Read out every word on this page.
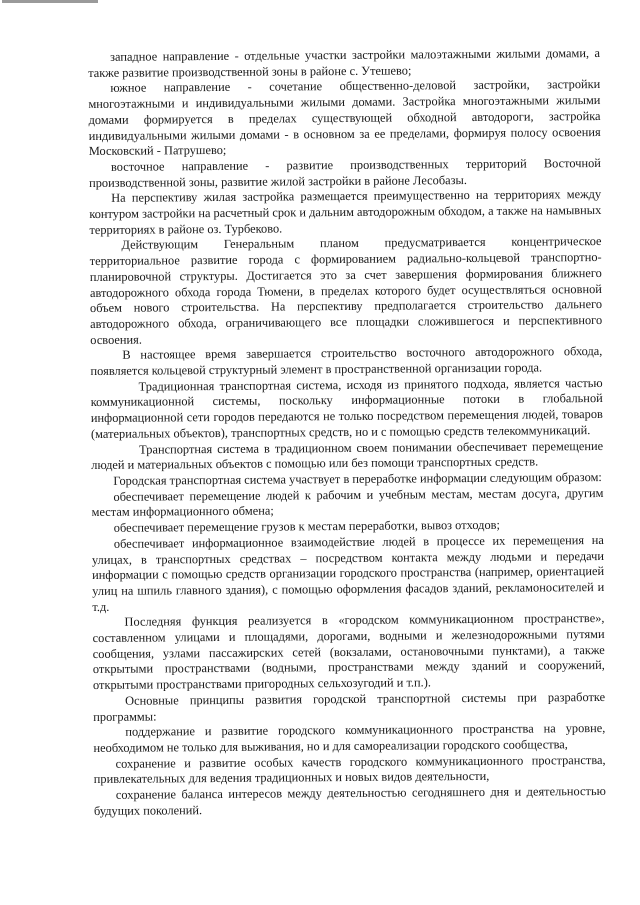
западное направление - отдельные участки застройки малоэтажными жилыми домами, а также развитие производственной зоны в районе с. Утешево;

южное направление - сочетание общественно-деловой застройки, застройки многоэтажными и индивидуальными жилыми домами. Застройка многоэтажными жилыми домами формируется в пределах существующей обходной автодороги, застройка индивидуальными жилыми домами - в основном за ее пределами, формируя полосу освоения Московский - Патрушево;

восточное направление - развитие производственных территорий Восточной производственной зоны, развитие жилой застройки в районе Лесобазы.

На перспективу жилая застройка размещается преимущественно на территориях между контуром застройки на расчетный срок и дальним автодорожным обходом, а также на намывных территориях в районе оз. Турбеково.

Действующим Генеральным планом предусматривается концентрическое территориальное развитие города с формированием радиально-кольцевой транспортно-планировочной структуры. Достигается это за счет завершения формирования ближнего автодорожного обхода города Тюмени, в пределах которого будет осуществляться основной объем нового строительства. На перспективу предполагается строительство дальнего автодорожного обхода, ограничивающего все площадки сложившегося и перспективного освоения.

В настоящее время завершается строительство восточного автодорожного обхода, появляется кольцевой структурный элемент в пространственной организации города.

Традиционная транспортная система, исходя из принятого подхода, является частью коммуникационной системы, поскольку информационные потоки в глобальной информационной сети городов передаются не только посредством перемещения людей, товаров (материальных объектов), транспортных средств, но и с помощью средств телекоммуникаций.

Транспортная система в традиционном своем понимании обеспечивает перемещение людей и материальных объектов с помощью или без помощи транспортных средств.

Городская транспортная система участвует в переработке информации следующим образом:

обеспечивает перемещение людей к рабочим и учебным местам, местам досуга, другим местам информационного обмена;

обеспечивает перемещение грузов к местам переработки, вывоз отходов;

обеспечивает информационное взаимодействие людей в процессе их перемещения на улицах, в транспортных средствах – посредством контакта между людьми и передачи информации с помощью средств организации городского пространства (например, ориентацией улиц на шпиль главного здания), с помощью оформления фасадов зданий, рекламоносителей и т.д.

Последняя функция реализуется в «городском коммуникационном пространстве», составленном улицами и площадями, дорогами, водными и железнодорожными путями сообщения, узлами пассажирских сетей (вокзалами, остановочными пунктами), а также открытыми пространствами (водными, пространствами между зданий и сооружений, открытыми пространствами пригородных сельхозугодий и т.п.).

Основные принципы развития городской транспортной системы при разработке программы:

поддержание и развитие городского коммуникационного пространства на уровне, необходимом не только для выживания, но и для самореализации городского сообщества,

сохранение и развитие особых качеств городского коммуникационного пространства, привлекательных для ведения традиционных и новых видов деятельности,

сохранение баланса интересов между деятельностью сегодняшнего дня и деятельностью будущих поколений.
